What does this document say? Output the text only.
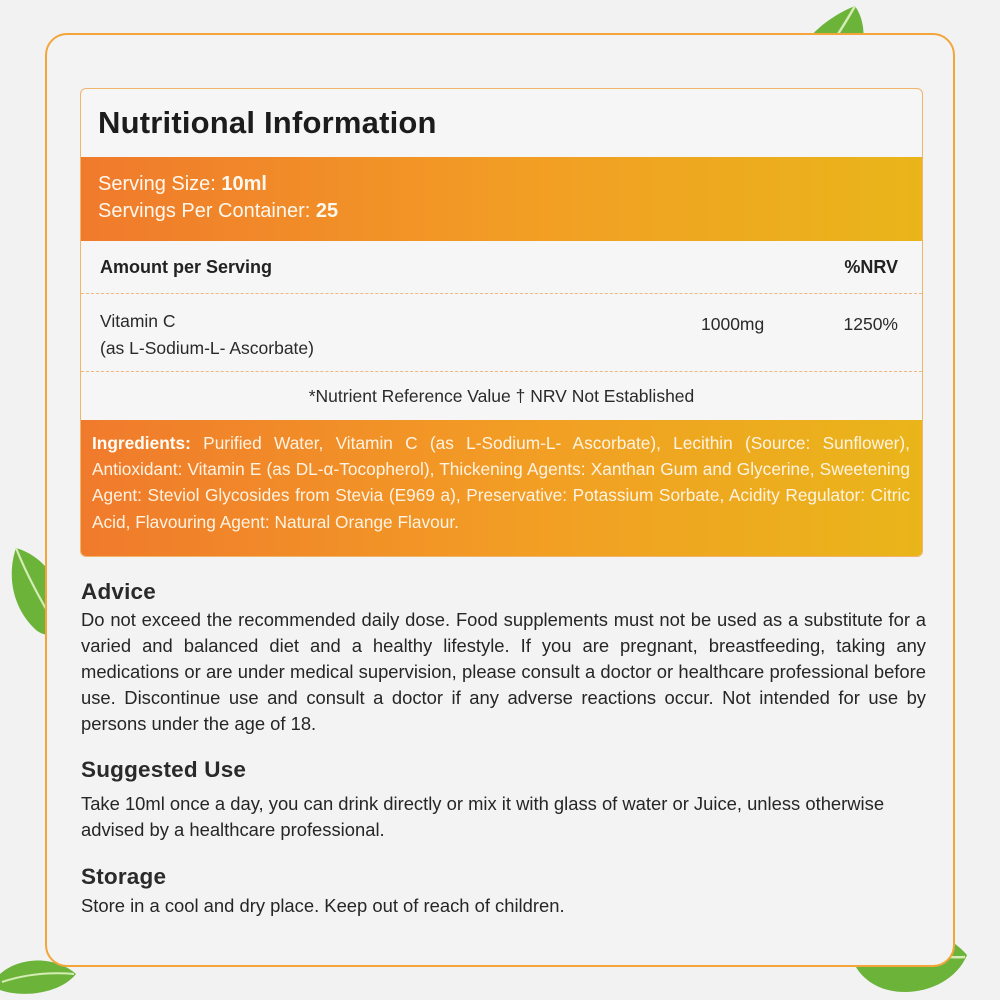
Nutritional Information
Serving Size: 10ml
Servings Per Container: 25
Amount per Serving	%NRV
Vitamin C
(as L-Sodium-L- Ascorbate)
1000mg	1250%
*Nutrient Reference Value † NRV Not Established
Ingredients: Purified Water, Vitamin C (as L-Sodium-L- Ascorbate), Lecithin (Source: Sunflower), Antioxidant: Vitamin E (as DL-α-Tocopherol), Thickening Agents: Xanthan Gum and Glycerine, Sweetening Agent: Steviol Glycosides from Stevia (E969 a), Preservative: Potassium Sorbate, Acidity Regulator: Citric Acid, Flavouring Agent: Natural Orange Flavour.
Advice
Do not exceed the recommended daily dose. Food supplements must not be used as a substitute for a varied and balanced diet and a healthy lifestyle. If you are pregnant, breastfeeding, taking any medications or are under medical supervision, please consult a doctor or healthcare professional before use. Discontinue use and consult a doctor if any adverse reactions occur. Not intended for use by persons under the age of 18.
Suggested Use
Take 10ml once a day, you can drink directly or mix it with glass of water or Juice, unless otherwise advised by a healthcare professional.
Storage
Store in a cool and dry place. Keep out of reach of children.
